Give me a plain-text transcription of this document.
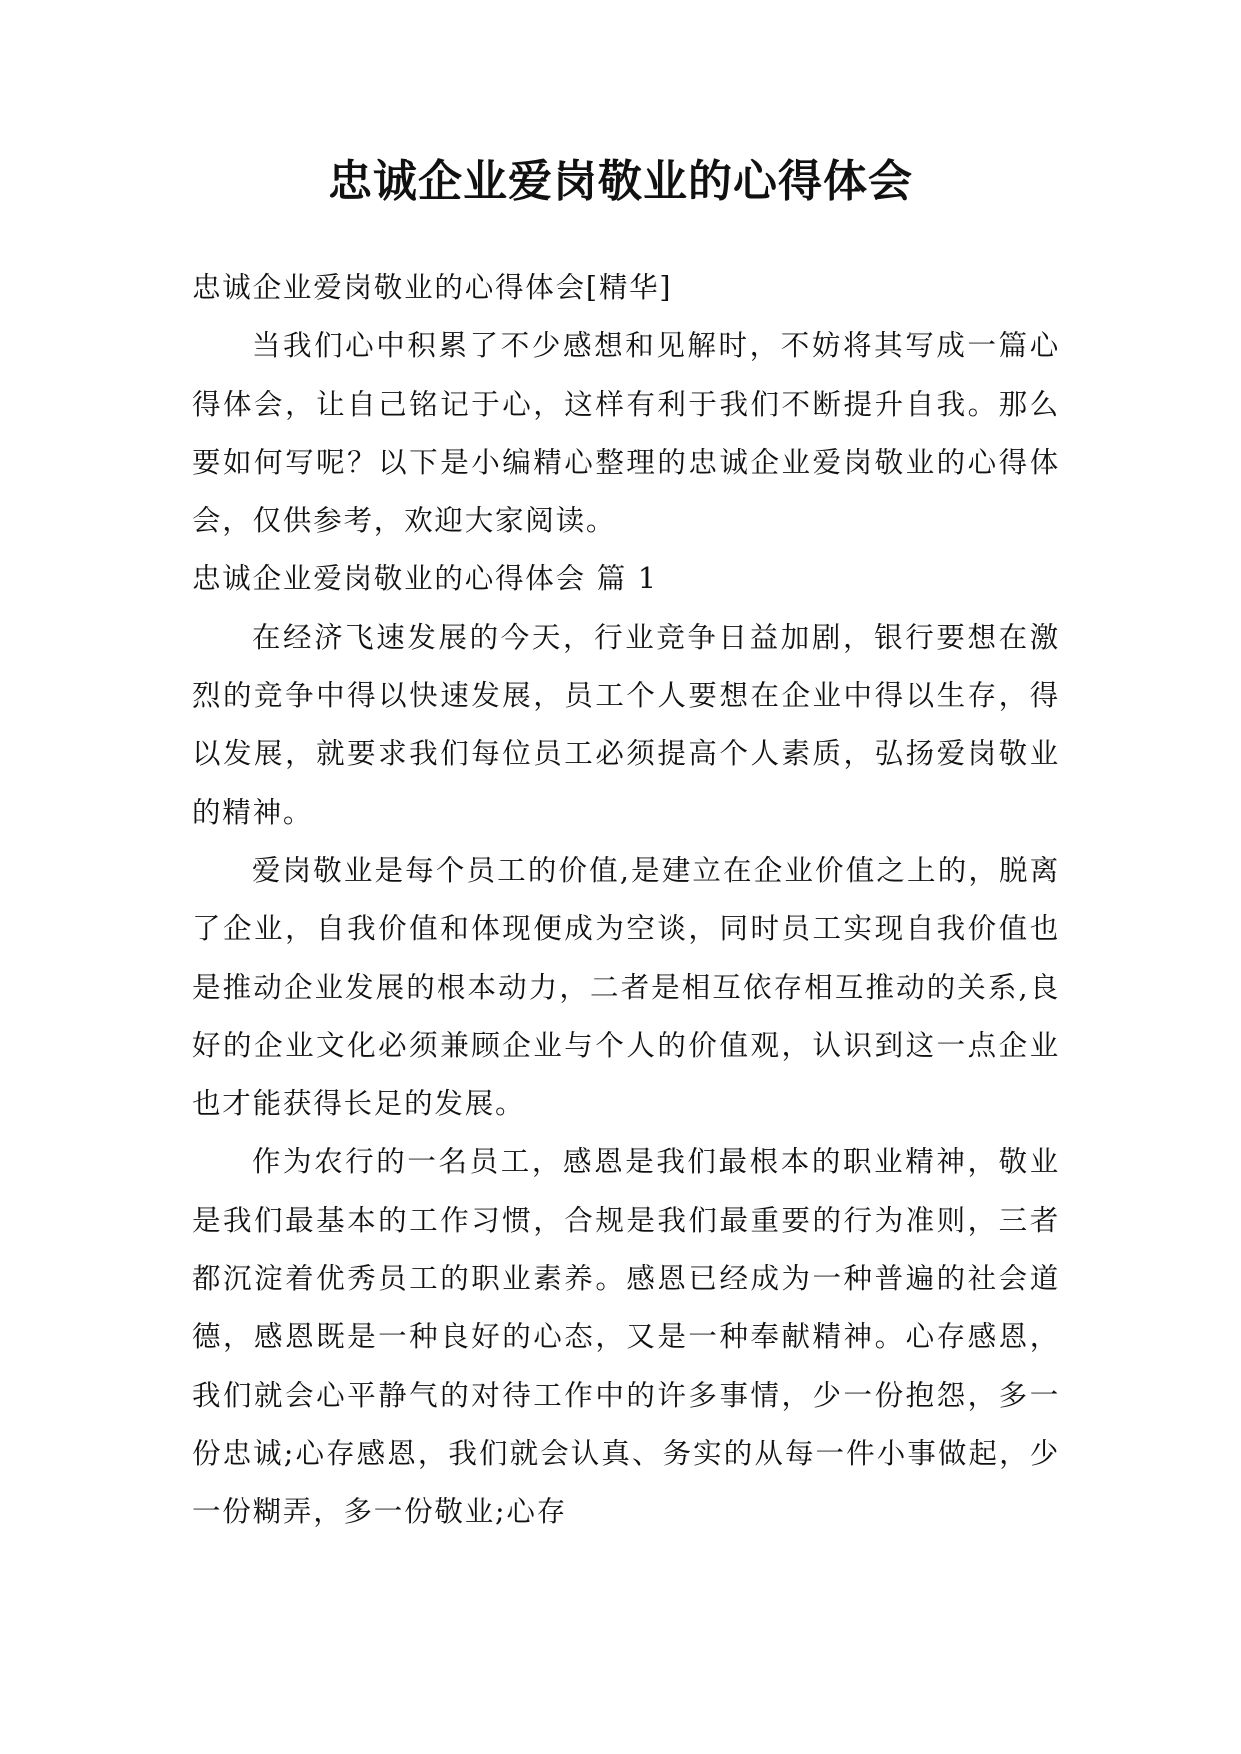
忠诚企业爱岗敬业的心得体会

忠诚企业爱岗敬业的心得体会[精华]

当我们心中积累了不少感想和见解时，不妨将其写成一篇心得体会，让自己铭记于心，这样有利于我们不断提升自我。那么要如何写呢？以下是小编精心整理的忠诚企业爱岗敬业的心得体会，仅供参考，欢迎大家阅读。

忠诚企业爱岗敬业的心得体会 篇 1

在经济飞速发展的今天，行业竞争日益加剧，银行要想在激烈的竞争中得以快速发展，员工个人要想在企业中得以生存，得以发展，就要求我们每位员工必须提高个人素质，弘扬爱岗敬业的精神。

爱岗敬业是每个员工的价值,是建立在企业价值之上的，脱离了企业，自我价值和体现便成为空谈，同时员工实现自我价值也是推动企业发展的根本动力，二者是相互依存相互推动的关系,良好的企业文化必须兼顾企业与个人的价值观，认识到这一点企业也才能获得长足的发展。

作为农行的一名员工，感恩是我们最根本的职业精神，敬业是我们最基本的工作习惯，合规是我们最重要的行为准则，三者都沉淀着优秀员工的职业素养。感恩已经成为一种普遍的社会道德，感恩既是一种良好的心态，又是一种奉献精神。心存感恩，我们就会心平静气的对待工作中的许多事情，少一份抱怨，多一份忠诚;心存感恩，我们就会认真、务实的从每一件小事做起，少一份糊弄，多一份敬业;心存
